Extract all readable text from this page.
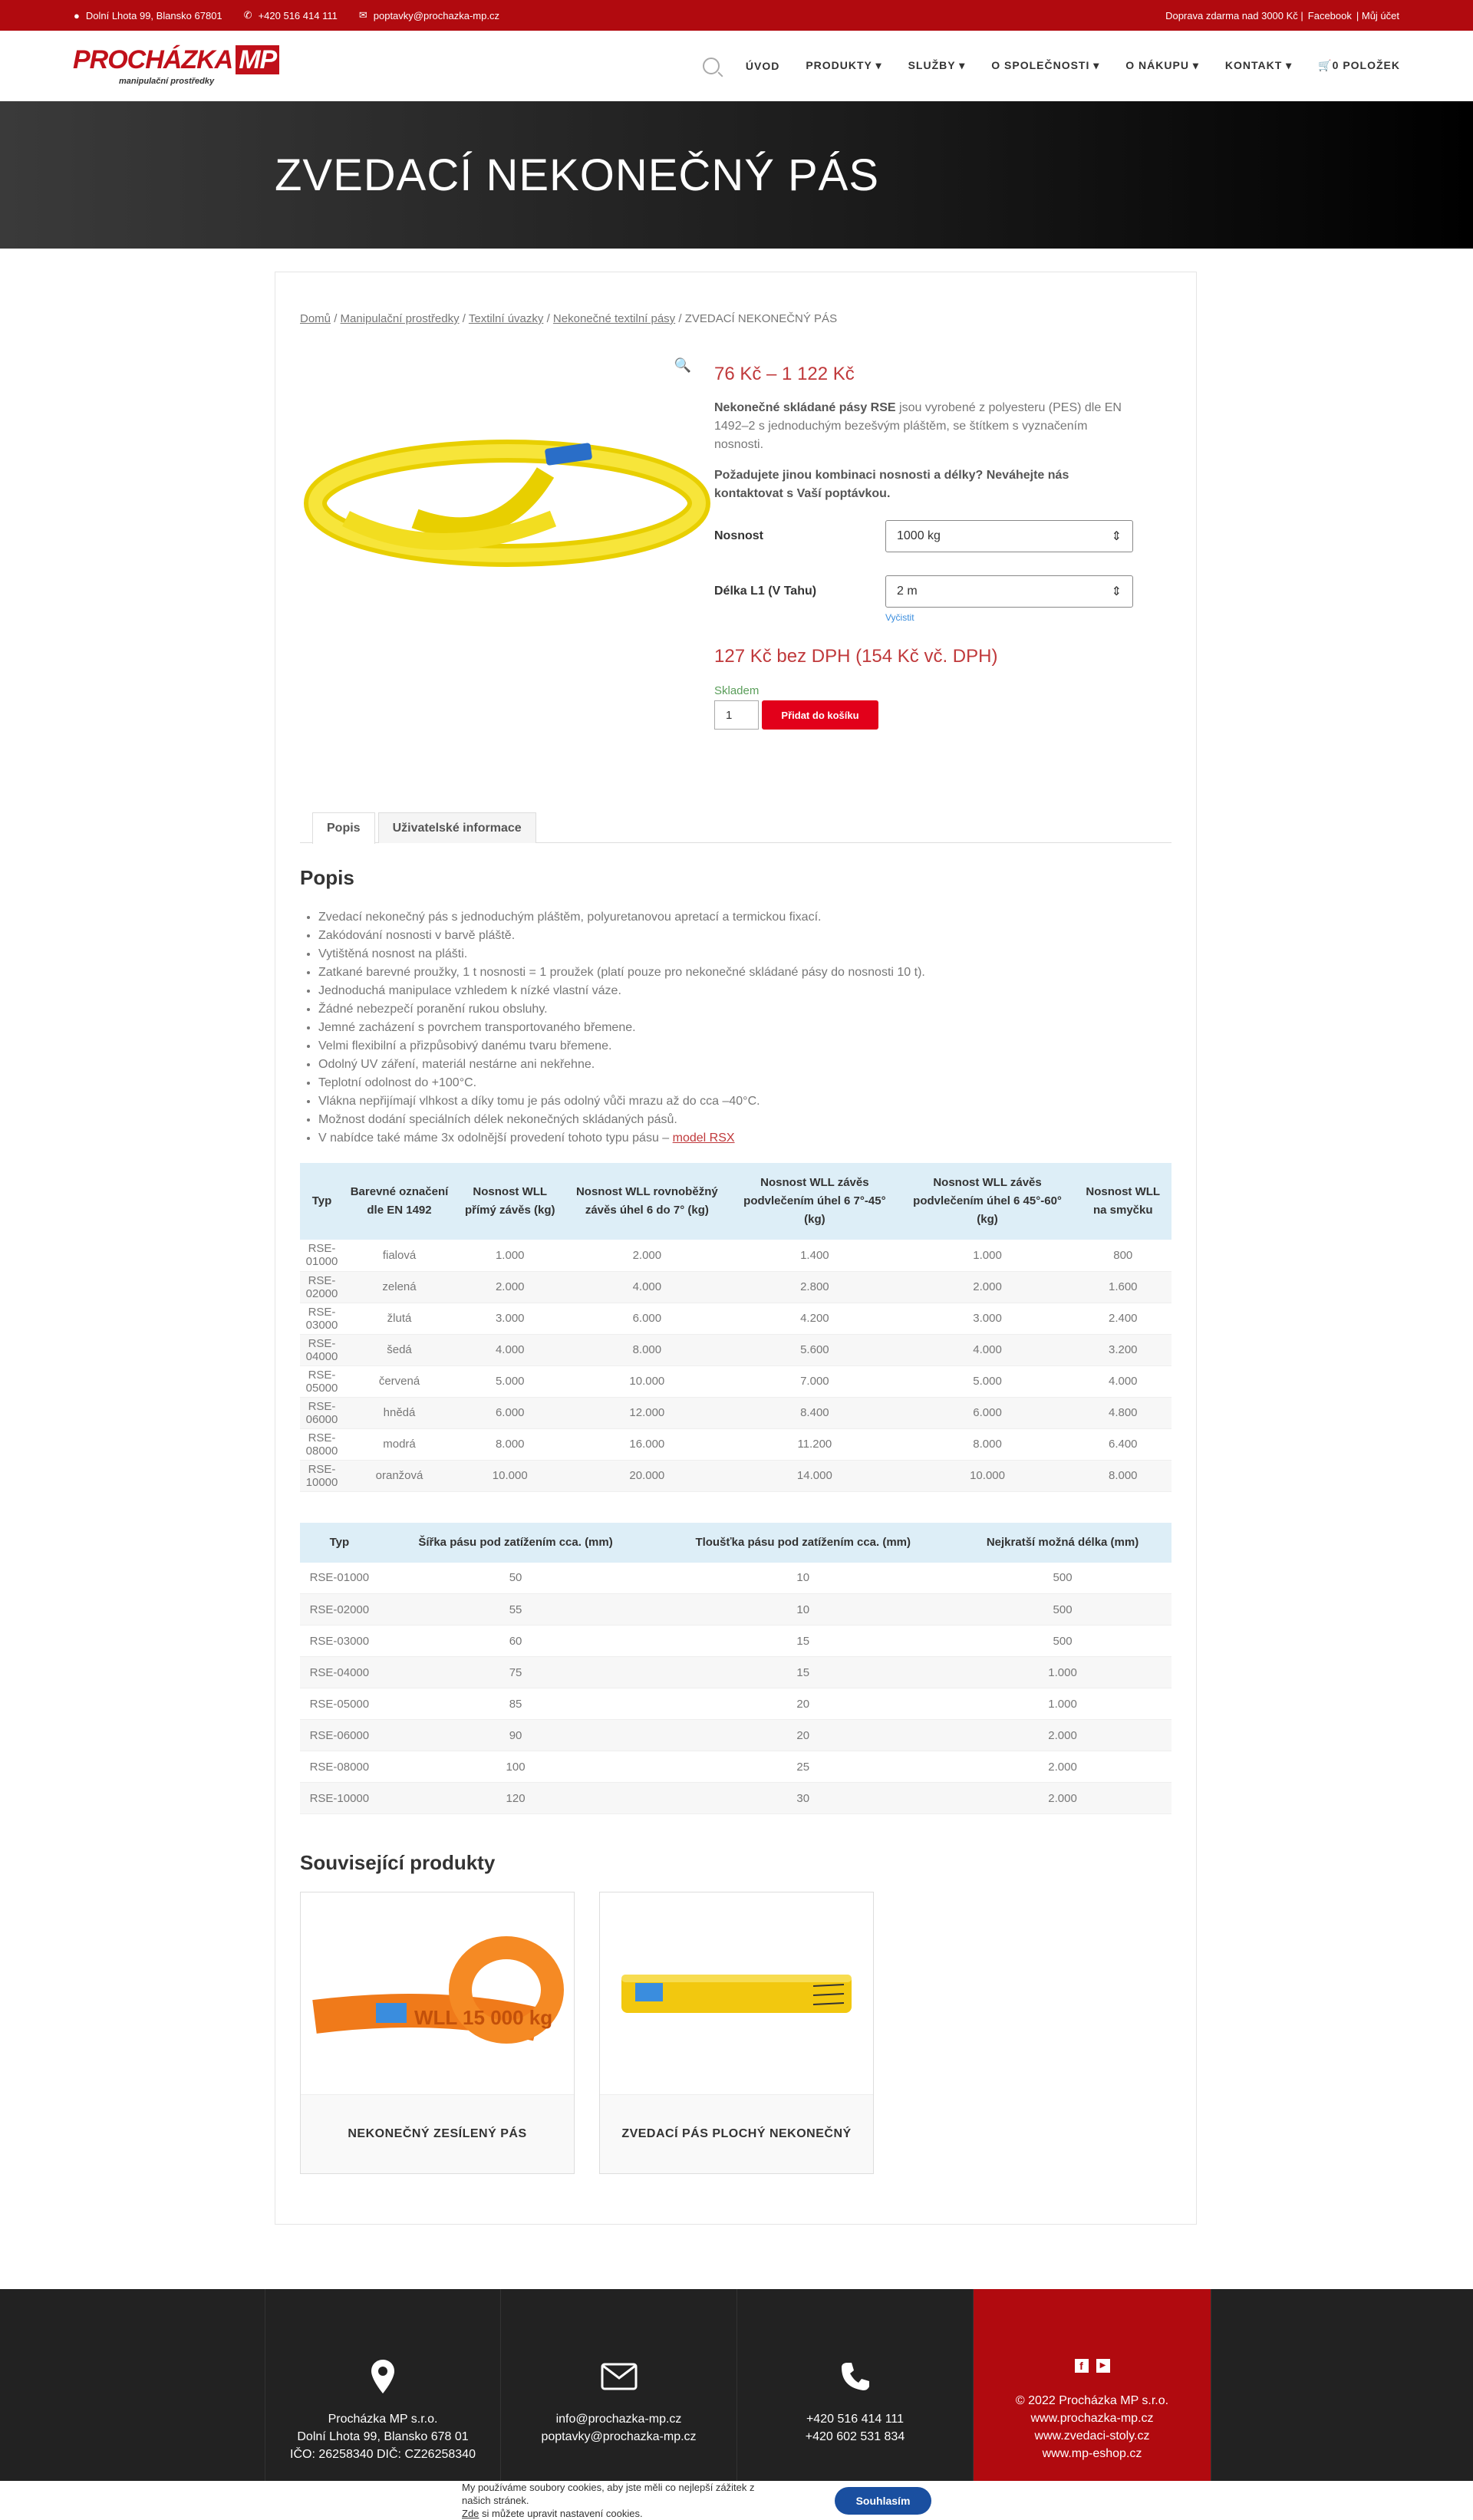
● Dolní Lhota 99, Blansko 67801 ✆ +420 516 414 111 ✉ poptavky@prochazka-mp.cz	Doprava zdarma nad 3000 Kč | Facebook | Můj účet
PROCHÁZKA MP
manipulační prostředky
ÚVOD PRODUKTY ▾ SLUŽBY ▾ O SPOLEČNOSTI ▾ O NÁKUPU ▾ KONTAKT ▾ 🛒0 POLOŽEK
ZVEDACÍ NEKONEČNÝ PÁS
Domů / Manipulační prostředky / Textilní úvazky / Nekonečné textilní pásy / ZVEDACÍ NEKONEČNÝ PÁS
🔍 76 Kč – 1 122 Kč
Nekonečné skládané pásy RSE jsou vyrobené z polyesteru (PES) dle EN 1492–2 s jednoduchým bezešvým pláštěm, se štítkem s vyznačením nosnosti.
Požadujete jinou kombinaci nosnosti a délky? Neváhejte nás kontaktovat s Vaší poptávkou.
Nosnost	1000 kg	⇕
Délka L1 (V Tahu)	2 m	⇕
Vyčistit
127 Kč bez DPH (154 Kč vč. DPH)
Skladem
1	Přidat do košíku
Popis	Uživatelské informace
Popis
• Zvedací nekonečný pás s jednoduchým pláštěm, polyuretanovou apretací a termickou fixací.
• Zakódování nosnosti v barvě pláště.
• Vytištěná nosnost na plášti.
• Zatkané barevné proužky, 1 t nosnosti = 1 proužek (platí pouze pro nekonečné skládané pásy do nosnosti 10 t).
• Jednoduchá manipulace vzhledem k nízké vlastní váze.
• Žádné nebezpečí poranění rukou obsluhy.
• Jemné zacházení s povrchem transportovaného břemene.
• Velmi flexibilní a přizpůsobivý danému tvaru břemene.
• Odolný UV záření, materiál nestárne ani nekřehne.
• Teplotní odolnost do +100°C.
• Vlákna nepřijímají vlhkost a díky tomu je pás odolný vůči mrazu až do cca –40°C.
• Možnost dodání speciálních délek nekonečných skládaných pásů.
• V nabídce také máme 3x odolnější provedení tohoto typu pásu – model RSX
Typ	Barevné označení dle EN 1492	Nosnost WLL přímý závěs (kg)	Nosnost WLL rovnoběžný závěs úhel 6 do 7° (kg)	Nosnost WLL závěs podvlečením úhel 6 7°-45° (kg)	Nosnost WLL závěs podvlečením úhel 6 45°-60° (kg)	Nosnost WLL na smyčku
RSE-01000	fialová	1.000	2.000	1.400	1.000	800
RSE-02000	zelená	2.000	4.000	2.800	2.000	1.600
RSE-03000	žlutá	3.000	6.000	4.200	3.000	2.400
RSE-04000	šedá	4.000	8.000	5.600	4.000	3.200
RSE-05000	červená	5.000	10.000	7.000	5.000	4.000
RSE-06000	hnědá	6.000	12.000	8.400	6.000	4.800
RSE-08000	modrá	8.000	16.000	11.200	8.000	6.400
RSE-10000	oranžová	10.000	20.000	14.000	10.000	8.000
Typ	Šířka pásu pod zatížením cca. (mm)	Tloušťka pásu pod zatížením cca. (mm)	Nejkratší možná délka (mm)
RSE-01000	50	10	500
RSE-02000	55	10	500
RSE-03000	60	15	500
RSE-04000	75	15	1.000
RSE-05000	85	20	1.000
RSE-06000	90	20	2.000
RSE-08000	100	25	2.000
RSE-10000	120	30	2.000
Související produkty
WLL 15 000 kg
NEKONEČNÝ ZESÍLENÝ PÁS	ZVEDACÍ PÁS PLOCHÝ NEKONEČNÝ
Procházka MP s.r.o.
Dolní Lhota 99, Blansko 678 01
IČO: 26258340 DIČ: CZ26258340
info@prochazka-mp.cz
poptavky@prochazka-mp.cz
+420 516 414 111
+420 602 531 834
f	▶
© 2022 Procházka MP s.r.o.
www.prochazka-mp.cz
www.zvedaci-stoly.cz
www.mp-eshop.cz
My používáme soubory cookies, aby jste měli co nejlepší zážitek z našich stránek.
Zde si můžete upravit nastavení cookies.
Souhlasím
